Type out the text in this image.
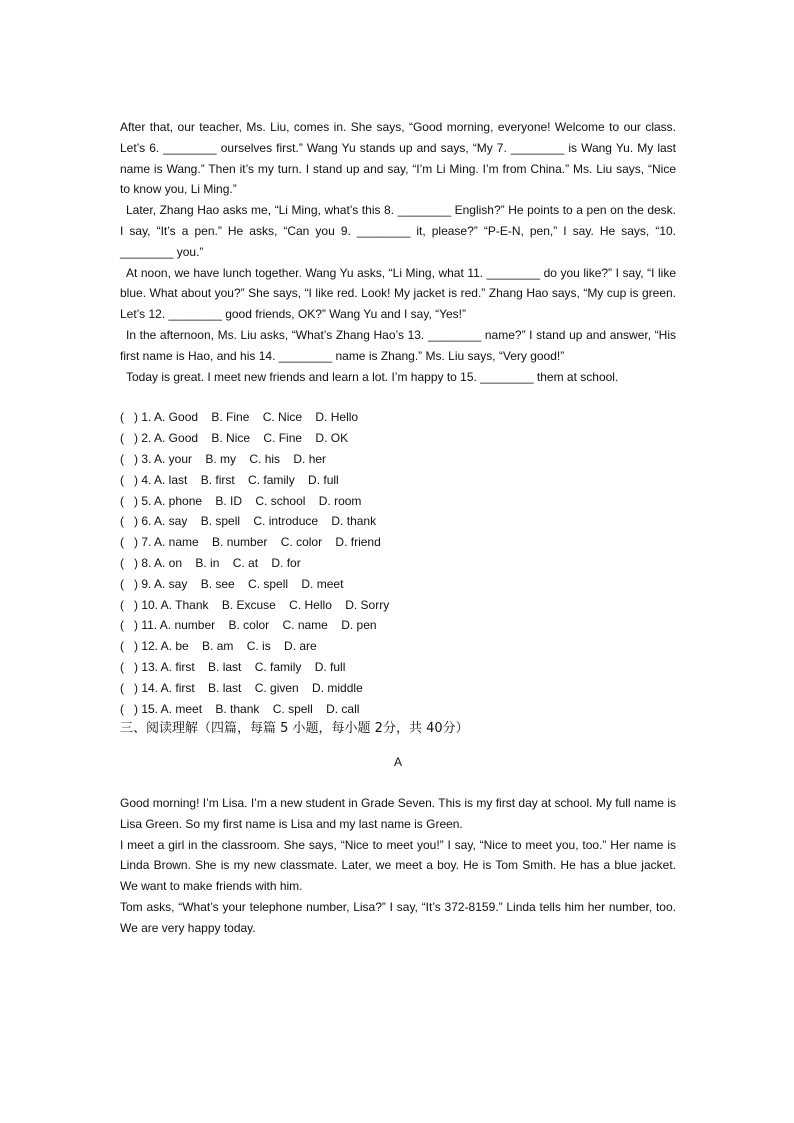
After that, our teacher, Ms. Liu, comes in. She says, “Good morning, everyone! Welcome to our class. Let’s 6. ________ ourselves first.” Wang Yu stands up and says, “My 7. ________ is Wang Yu. My last name is Wang.” Then it’s my turn. I stand up and say, “I’m Li Ming. I’m from China.” Ms. Liu says, “Nice to know you, Li Ming.”

Later, Zhang Hao asks me, “Li Ming, what’s this 8. ________ English?” He points to a pen on the desk. I say, “It’s a pen.” He asks, “Can you 9. ________ it, please?” “P-E-N, pen,” I say. He says, “10. ________ you.”

At noon, we have lunch together. Wang Yu asks, “Li Ming, what 11. ________ do you like?” I say, “I like blue. What about you?” She says, “I like red. Look! My jacket is red.” Zhang Hao says, “My cup is green. Let’s 12. ________ good friends, OK?” Wang Yu and I say, “Yes!”

In the afternoon, Ms. Liu asks, “What’s Zhang Hao’s 13. ________ name?” I stand up and answer, “His first name is Hao, and his 14. ________ name is Zhang.” Ms. Liu says, “Very good!”

Today is great. I meet new friends and learn a lot. I’m happy to 15. ________ them at school.

(   ) 1. A. Good    B. Fine    C. Nice    D. Hello

(   ) 2. A. Good    B. Nice    C. Fine    D. OK

(   ) 3. A. your    B. my    C. his    D. her

(   ) 4. A. last    B. first    C. family    D. full

(   ) 5. A. phone    B. ID    C. school    D. room

(   ) 6. A. say    B. spell    C. introduce    D. thank

(   ) 7. A. name    B. number    C. color    D. friend

(   ) 8. A. on    B. in    C. at    D. for

(   ) 9. A. say    B. see    C. spell    D. meet

(   ) 10. A. Thank    B. Excuse    C. Hello    D. Sorry

(   ) 11. A. number    B. color    C. name    D. pen

(   ) 12. A. be    B. am    C. is    D. are

(   ) 13. A. first    B. last    C. family    D. full

(   ) 14. A. first    B. last    C. given    D. middle

(   ) 15. A. meet    B. thank    C. spell    D. call

三、阅读理解（四篇，每篇 5 小题，每小题 2分，共 40分）

A

Good morning! I’m Lisa. I’m a new student in Grade Seven. This is my first day at school. My full name is Lisa Green. So my first name is Lisa and my last name is Green.

I meet a girl in the classroom. She says, “Nice to meet you!” I say, “Nice to meet you, too.” Her name is Linda Brown. She is my new classmate. Later, we meet a boy. He is Tom Smith. He has a blue jacket. We want to make friends with him.

Tom asks, “What’s your telephone number, Lisa?” I say, “It’s 372-8159.” Linda tells him her number, too. We are very happy today.
